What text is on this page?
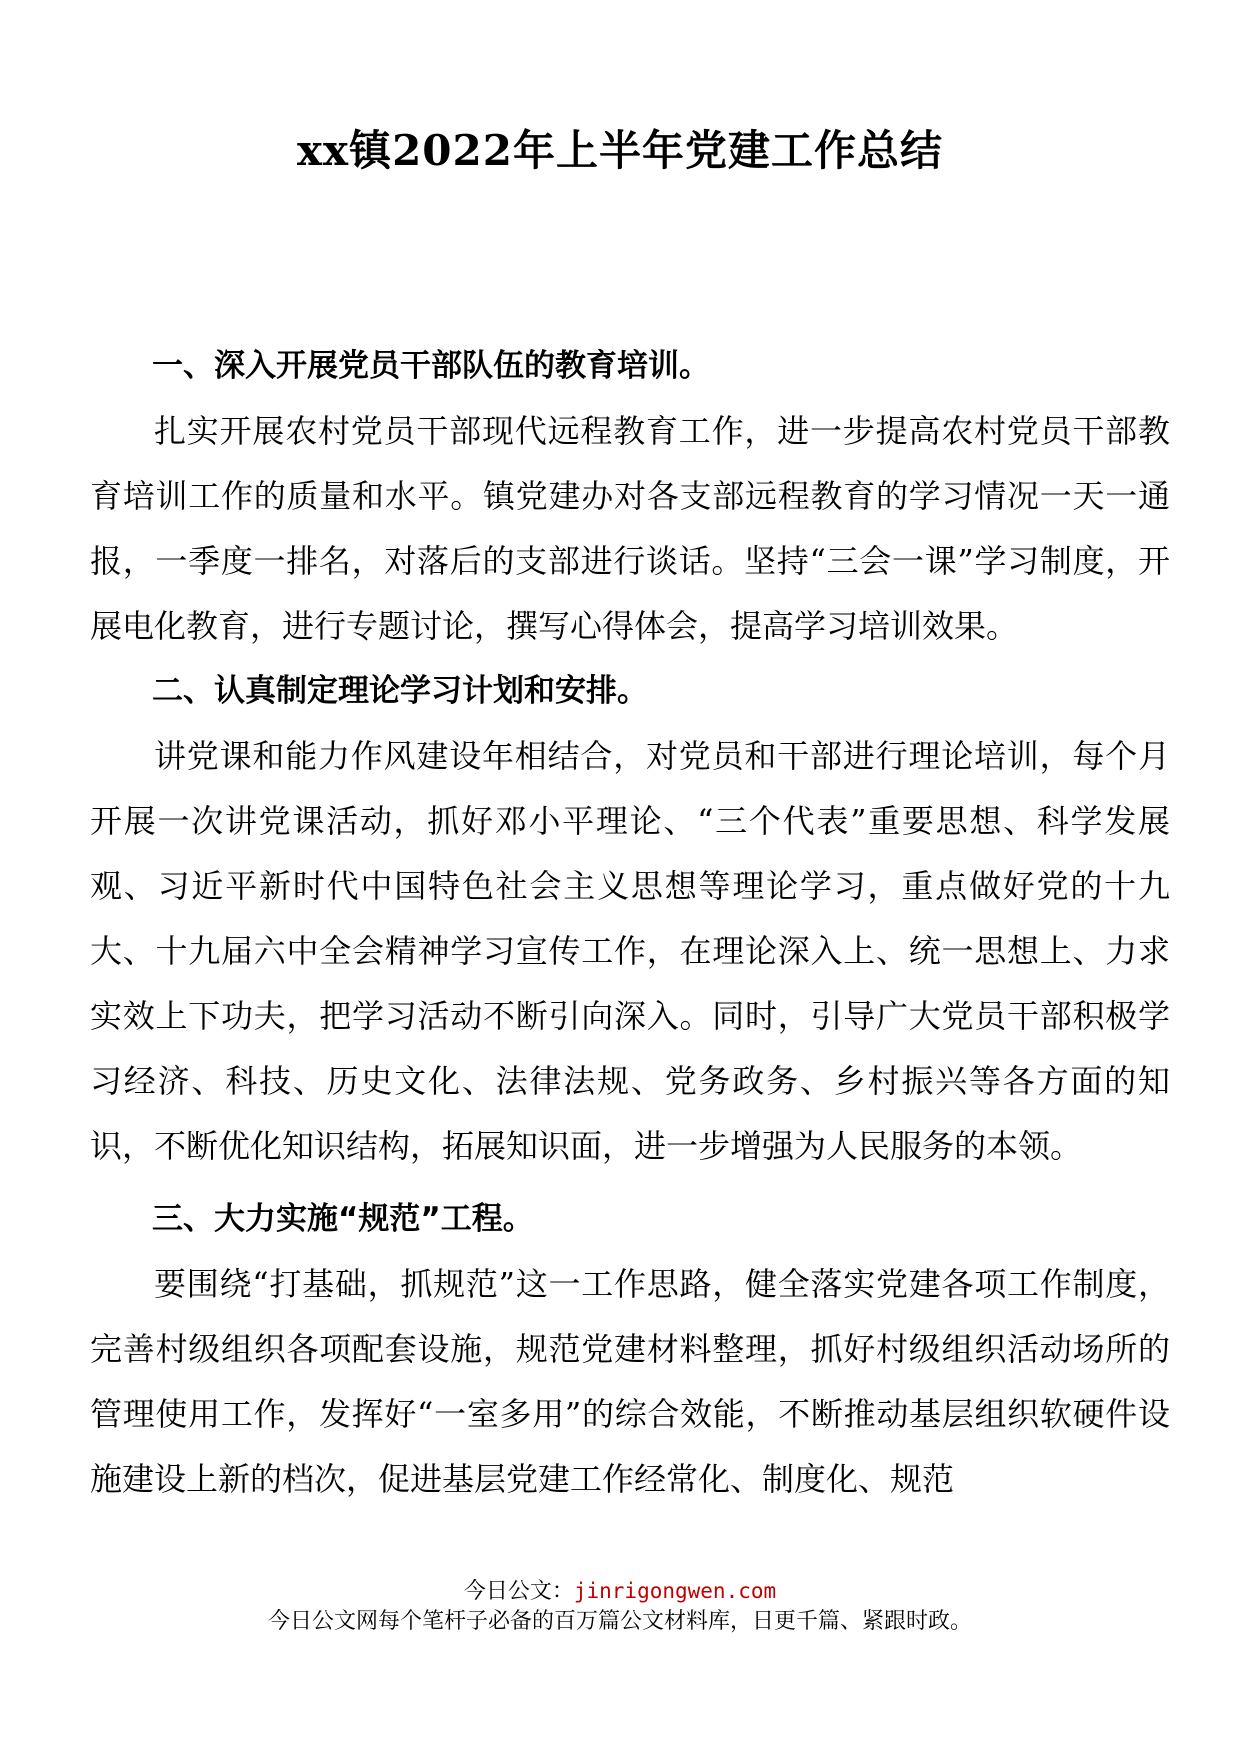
xx镇2022年上半年党建工作总结
一、深入开展党员干部队伍的教育培训。

扎实开展农村党员干部现代远程教育工作，进一步提高农村党员干部教育培训工作的质量和水平。镇党建办对各支部远程教育的学习情况一天一通报，一季度一排名，对落后的支部进行谈话。坚持“三会一课”学习制度，开展电化教育，进行专题讨论，撰写心得体会，提高学习培训效果。

二、认真制定理论学习计划和安排。

讲党课和能力作风建设年相结合，对党员和干部进行理论培训，每个月开展一次讲党课活动，抓好邓小平理论、“三个代表”重要思想、科学发展观、习近平新时代中国特色社会主义思想等理论学习，重点做好党的十九大、十九届六中全会精神学习宣传工作，在理论深入上、统一思想上、力求实效上下功夫，把学习活动不断引向深入。同时，引导广大党员干部积极学习经济、科技、历史文化、法律法规、党务政务、乡村振兴等各方面的知识，不断优化知识结构，拓展知识面，进一步增强为人民服务的本领。

三、大力实施“规范”工程。

要围绕“打基础，抓规范”这一工作思路，健全落实党建各项工作制度，完善村级组织各项配套设施，规范党建材料整理，抓好村级组织活动场所的管理使用工作，发挥好“一室多用”的综合效能，不断推动基层组织软硬件设施建设上新的档次，促进基层党建工作经常化、制度化、规范

今日公文：jinrigongwen.com
今日公文网每个笔杆子必备的百万篇公文材料库，日更千篇、紧跟时政。
